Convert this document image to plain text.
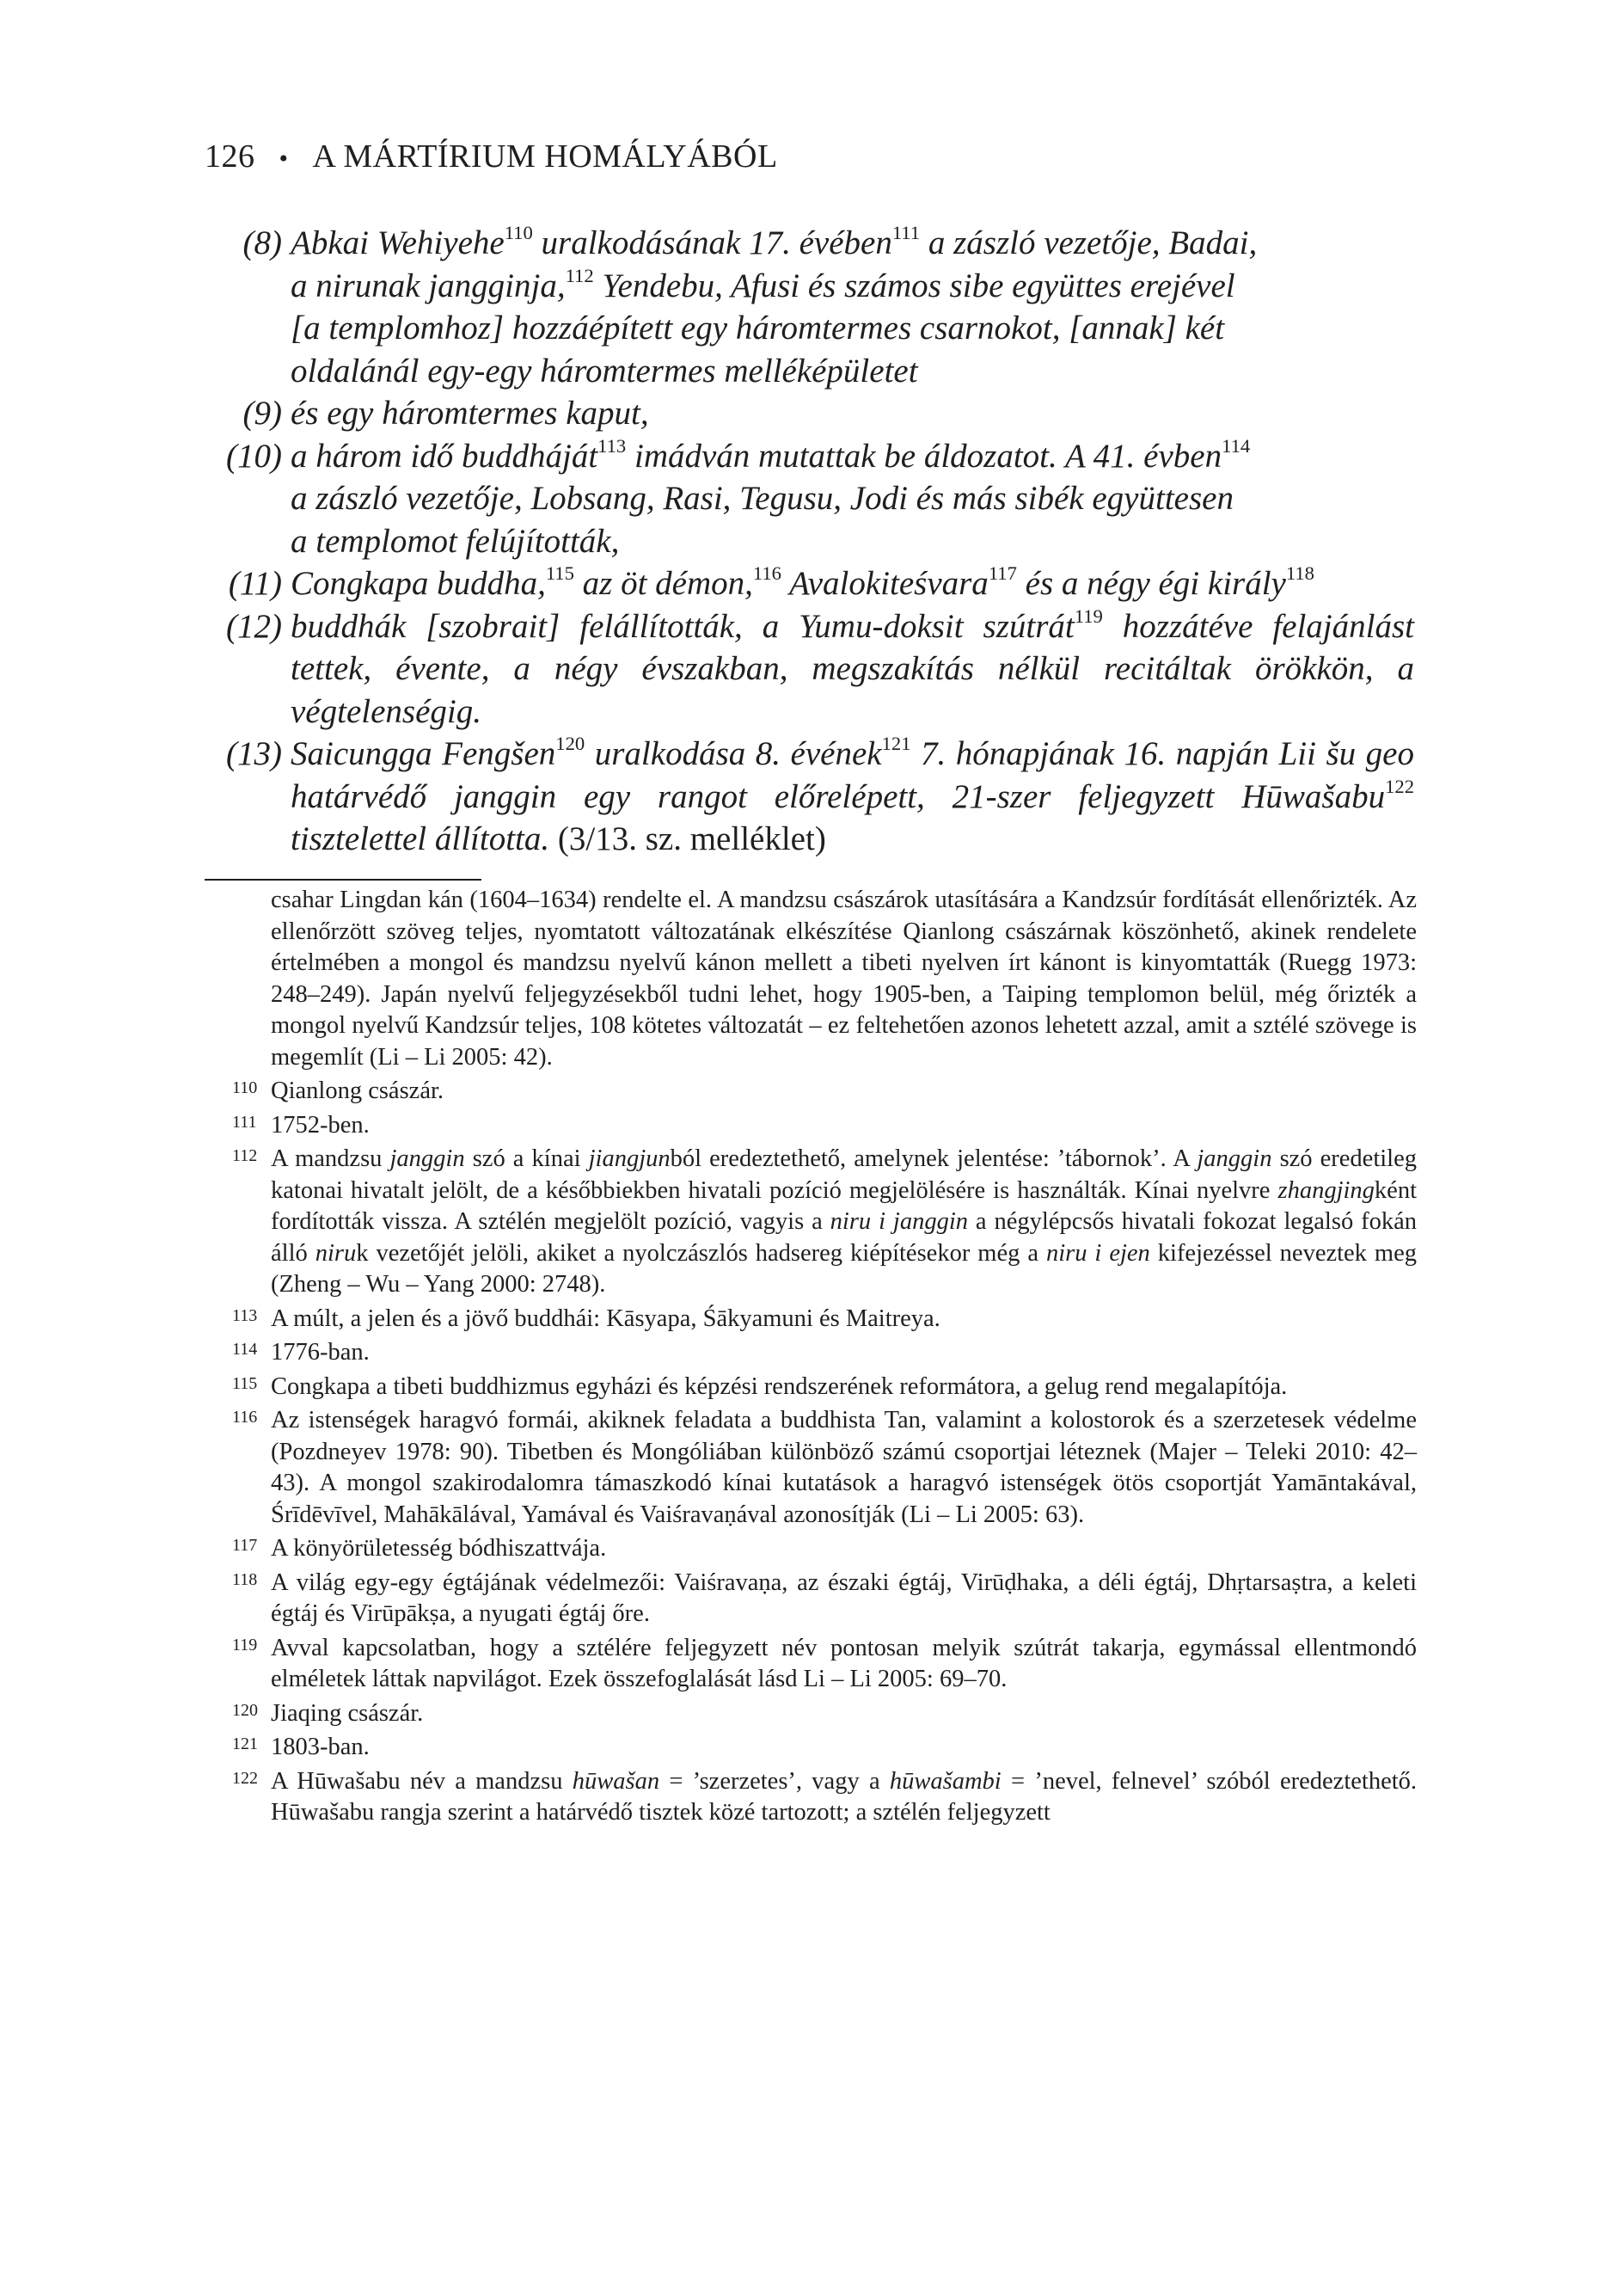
126 • A MÁRTÍRIUM HOMÁLYÁBÓL
(8) Abkai Wehiyehe$^{110}$ uralkodásának 17. évében$^{111}$ a zászló vezetője, Badai,
a nirunak jangginja,$^{112}$ Yendebu, Afusi és számos sibe együttes erejével
[a templomhoz] hozzáépített egy háromtermes csarnokot, [annak] két
oldalánál egy-egy háromtermes melléképületet
(9) és egy háromtermes kaput,
(10) a három idő buddháját$^{113}$ imádván mutattak be áldozatot. A 41. évben$^{114}$
a zászló vezetője, Lobsang, Rasi, Tegusu, Jodi és más sibék együttesen
a templomot felújították,
(11) Congkapa buddha,$^{115}$ az öt démon,$^{116}$ Avalokiteśvara$^{117}$ és a négy égi király$^{118}$
(12) buddhák [szobrait] felállították, a Yumu-doksit szútrát$^{119}$ hozzátéve felajánlást tettek, évente, a négy évszakban, megszakítás nélkül recitáltak örökkön, a végtelenségig.
(13) Saicungga Fengšen$^{120}$ uralkodása 8. évének$^{121}$ 7. hónapjának 16. napján Lii šu geo határvédő janggin egy rangot előrelépett, 21-szer feljegyzett Hūwašabu$^{122}$ tisztelettel állította. (3/13. sz. melléklet)
csahar Lingdan kán (1604–1634) rendelte el. A mandzsu császárok utasítására a Kandzsúr fordítását ellenőrizték. Az ellenőrzött szöveg teljes, nyomtatott változatának elkészítése Qianlong császárnak köszönhető, akinek rendelete értelmében a mongol és mandzsu nyelvű kánon mellett a tibeti nyelven írt kánont is kinyomtatták (Ruegg 1973: 248–249). Japán nyelvű feljegyzésekből tudni lehet, hogy 1905-ben, a Taiping templomon belül, még őrizték a mongol nyelvű Kandzsúr teljes, 108 kötetes változatát – ez feltehetően azonos lehetett azzal, amit a sztélé szövege is megemlít (Li – Li 2005: 42).
110 Qianlong császár.
111 1752-ben.
112 A mandzsu janggin szó a kínai jiangjunból eredeztethető, amelynek jelentése: ’tábornok’. A janggin szó eredetileg katonai hivatalt jelölt, de a későbbiekben hivatali pozíció megjelölésére is használták. Kínai nyelvre zhangjingként fordították vissza. A sztélén megjelölt pozíció, vagyis a niru i janggin a négylépcsős hivatali fokozat legalsó fokán álló niruk vezetőjét jelöli, akiket a nyolczászlós hadsereg kiépítésekor még a niru i ejen kifejezéssel neveztek meg (Zheng – Wu – Yang 2000: 2748).
113 A múlt, a jelen és a jövő buddhái: Kāsyapa, Śākyamuni és Maitreya.
114 1776-ban.
115 Congkapa a tibeti buddhizmus egyházi és képzési rendszerének reformátora, a gelug rend megalapítója.
116 Az istenségek haragvó formái, akiknek feladata a buddhista Tan, valamint a kolostorok és a szerzetesek védelme (Pozdneyev 1978: 90). Tibetben és Mongóliában különböző számú csoportjai léteznek (Majer – Teleki 2010: 42–43). A mongol szakirodalomra támaszkodó kínai kutatások a haragvó istenségek ötös csoportját Yamāntakával, Śrīdēvīvel, Mahākālával, Yamával és Vaiśravaṇával azonosítják (Li – Li 2005: 63).
117 A könyörületesség bódhiszattvája.
118 A világ egy-egy égtájának védelmezői: Vaiśravaṇa, az északi égtáj, Virūḍhaka, a déli égtáj, Dhṛtarsaṣtra, a keleti égtáj és Virūpākṣa, a nyugati égtáj őre.
119 Avval kapcsolatban, hogy a sztélére feljegyzett név pontosan melyik szútrát takarja, egymással ellentmondó elméletek láttak napvilágot. Ezek összefoglalását lásd Li – Li 2005: 69–70.
120 Jiaqing császár.
121 1803-ban.
122 A Hūwašabu név a mandzsu hūwašan = ’szerzetes’, vagy a hūwašambi = ’nevel, felnevel’ szóból eredeztethető. Hūwašabu rangja szerint a határvédő tisztek közé tartozott; a sztélén feljegyzett
